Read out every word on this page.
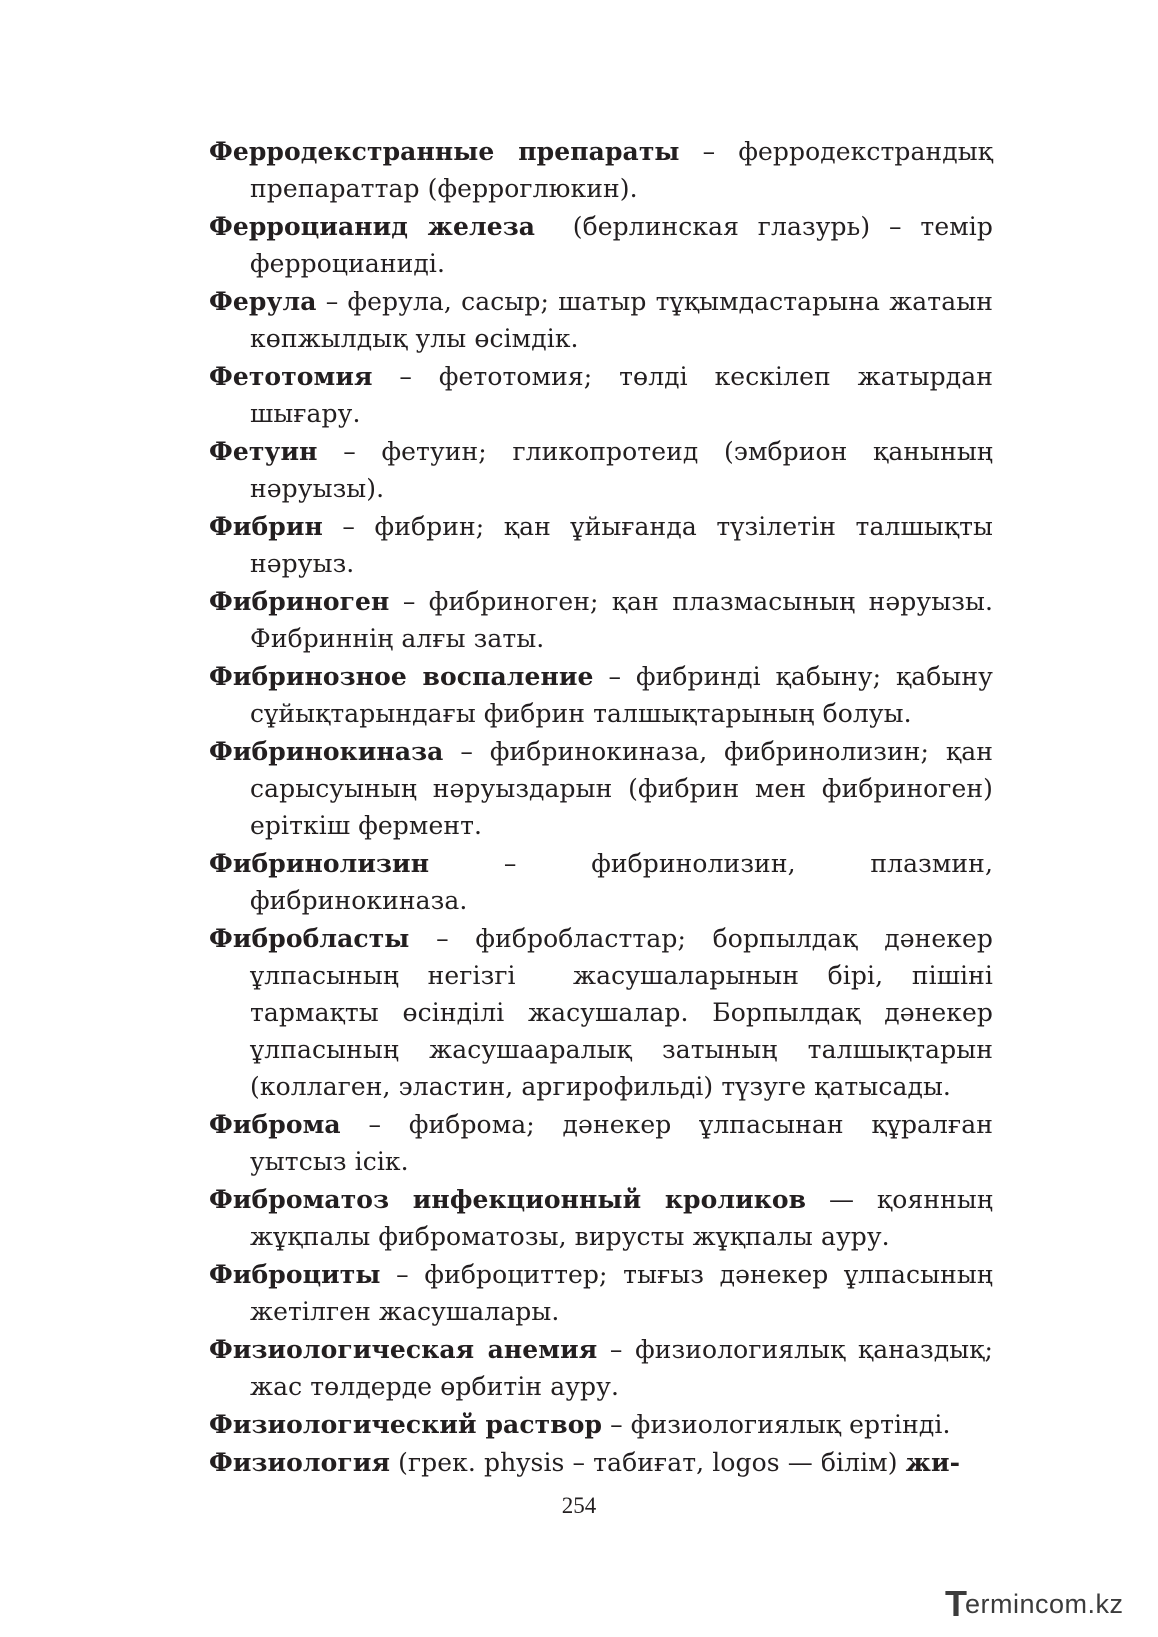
Ферродекстранные препараты – ферродекстрандық препараттар (ферроглюкин).

Ферроцианид железа  (берлинская глазурь) – темір ферроцианиді.

Ферула – ферула, сасыр; шатыр тұқымдастарына жатаын көпжылдық улы өсімдік.

Фетотомия – фетотомия; төлді кескілеп жатырдан шығару.

Фетуин – фетуин; гликопротеид (эмбрион қанының нәруызы).

Фибрин – фибрин; қан ұйығанда түзілетін талшықты нәруыз.

Фибриноген – фибриноген; қан плазмасының нәруызы. Фибриннің алғы заты.

Фибринозное воспаление – фибринді қабыну; қабыну сұйықтарындағы фибрин талшықтарының болуы.

Фибринокиназа – фибринокиназа, фибринолизин; қан сарысуының нәруыздарын (фибрин мен фибриноген) еріткіш фермент.

Фибринолизин – фибринолизин, плазмин, фибринокиназа.

Фибробласты – фибробласттар; борпылдақ дәнекер ұлпасының негізгі  жасушаларынын бірі, пішіні тармақты өсінділі жасушалар. Борпылдақ дәнекер ұлпасының жасушааралық затының талшықтарын (коллаген, эластин, аргирофильді) түзуге қатысады.

Фиброма – фиброма; дәнекер ұлпасынан құралған уытсыз ісік.

Фиброматоз инфекционный кроликов — қоянның жұқпалы фиброматозы, вирусты жұқпалы ауру.

Фиброциты – фиброциттер; тығыз дәнекер ұлпасының жетілген жасушалары.

Физиологическая анемия – физиологиялық қаназдық; жас төлдерде өрбитін ауру.

Физиологический раствор – физиологиялық ертінді.

Физиология (грек. physis – табиғат, logos — білім) жи-

254
T ermincom.kz
